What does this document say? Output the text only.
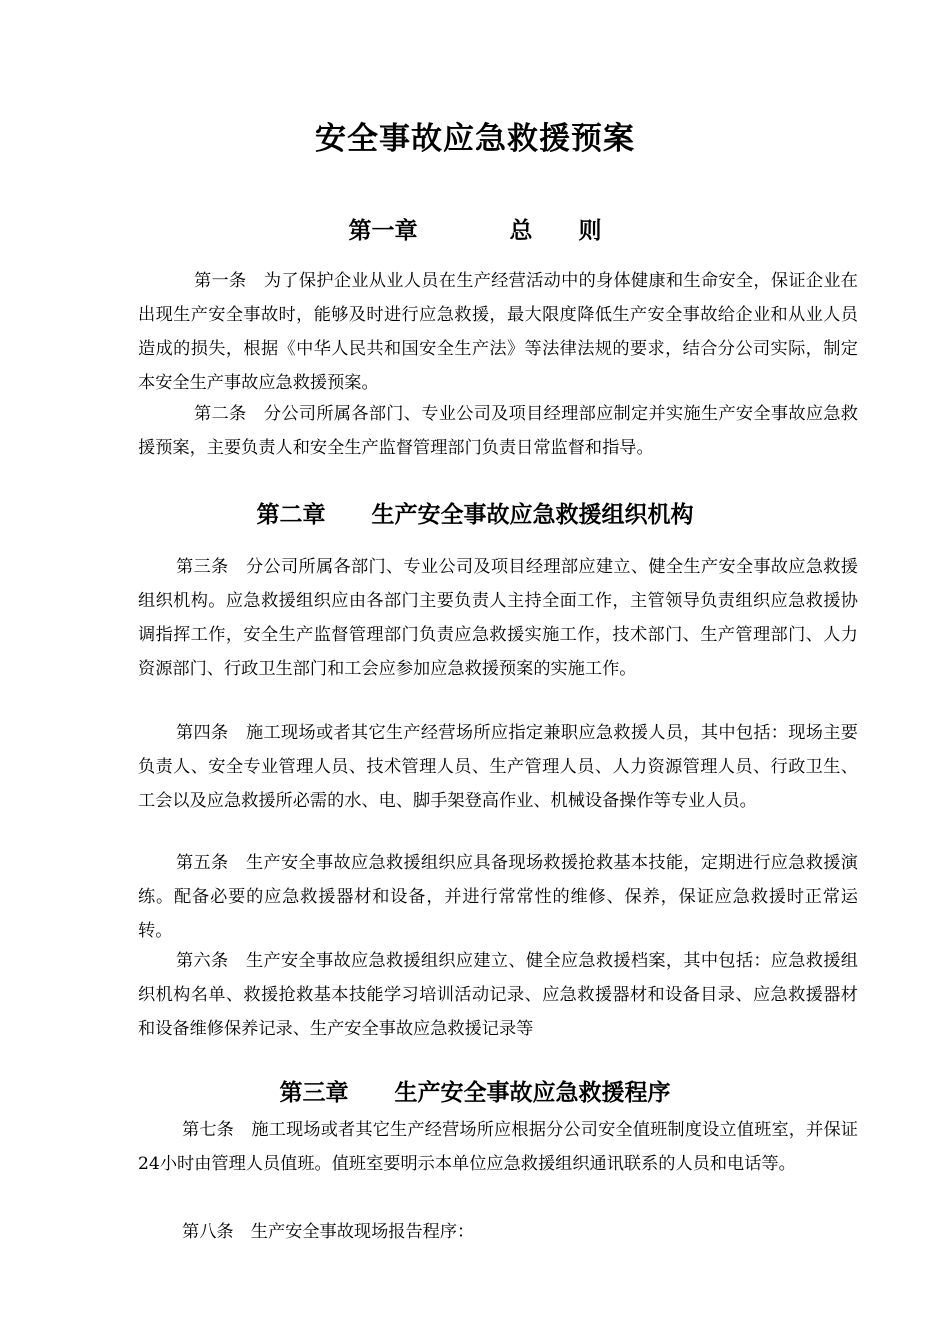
安全事故应急救援预案
第一章　　　　总　　则

第一条 为了保护企业从业人员在生产经营活动中的身体健康和生命安全，保证企业在出现生产安全事故时，能够及时进行应急救援，最大限度降低生产安全事故给企业和从业人员造成的损失，根据《中华人民共和国安全生产法》等法律法规的要求，结合分公司实际，制定本安全生产事故应急救援预案。

第二条 分公司所属各部门、专业公司及项目经理部应制定并实施生产安全事故应急救援预案，主要负责人和安全生产监督管理部门负责日常监督和指导。

第二章　　生产安全事故应急救援组织机构

第三条 分公司所属各部门、专业公司及项目经理部应建立、健全生产安全事故应急救援组织机构。应急救援组织应由各部门主要负责人主持全面工作，主管领导负责组织应急救援协调指挥工作，安全生产监督管理部门负责应急救援实施工作，技术部门、生产管理部门、人力资源部门、行政卫生部门和工会应参加应急救援预案的实施工作。

第四条 施工现场或者其它生产经营场所应指定兼职应急救援人员，其中包括：现场主要负责人、安全专业管理人员、技术管理人员、生产管理人员、人力资源管理人员、行政卫生、工会以及应急救援所必需的水、电、脚手架登高作业、机械设备操作等专业人员。

第五条 生产安全事故应急救援组织应具备现场救援抢救基本技能，定期进行应急救援演练。配备必要的应急救援器材和设备，并进行常常性的维修、保养，保证应急救援时正常运转。

第六条 生产安全事故应急救援组织应建立、健全应急救援档案，其中包括：应急救援组织机构名单、救援抢救基本技能学习培训活动记录、应急救援器材和设备目录、应急救援器材和设备维修保养记录、生产安全事故应急救援记录等

第三章　　生产安全事故应急救援程序

第七条 施工现场或者其它生产经营场所应根据分公司安全值班制度设立值班室，并保证24小时由管理人员值班。值班室要明示本单位应急救援组织通讯联系的人员和电话等。

第八条 生产安全事故现场报告程序：
